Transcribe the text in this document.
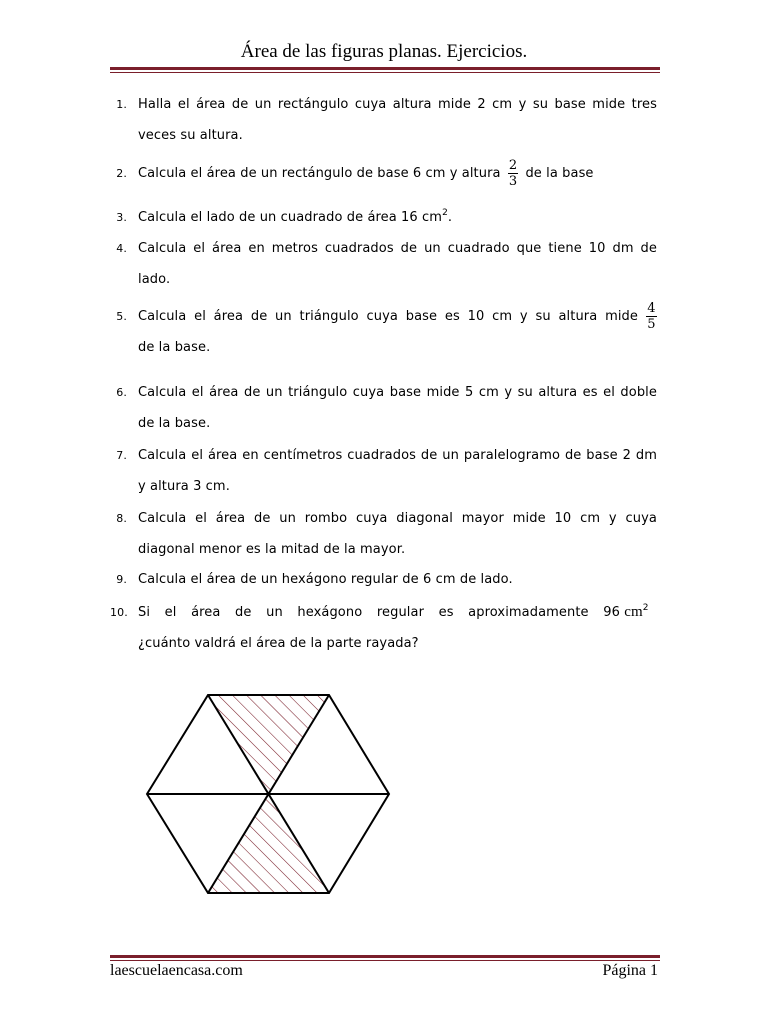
Área de las figuras planas. Ejercicios.
1. Halla el área de un rectángulo cuya altura mide 2 cm y su base mide tres veces su altura.
2. Calcula el área de un rectángulo de base 6 cm y altura $\frac{2}{3}$ de la base
3. Calcula el lado de un cuadrado de área 16 $cm^2$.
4. Calcula el área en metros cuadrados de un cuadrado que tiene 10 dm de lado.
5. Calcula el área de un triángulo cuya base es 10 cm y su altura mide $\frac{4}{5}$

de la base.
6. Calcula el área de un triángulo cuya base mide 5 cm y su altura es el doble de la base.
7. Calcula el área en centímetros cuadrados de un paralelogramo de base 2 dm y altura 3 cm.
8. Calcula el área de un rombo cuya diagonal mayor mide 10 cm y cuya diagonal menor es la mitad de la mayor.
9. Calcula el área de un hexágono regular de 6 cm de lado.
10. Si el área de un hexágono regular es aproximadamente 96 $cm^2$
¿cuánto valdrá el área de la parte rayada?
laescuelaencasa.com	Página 1
